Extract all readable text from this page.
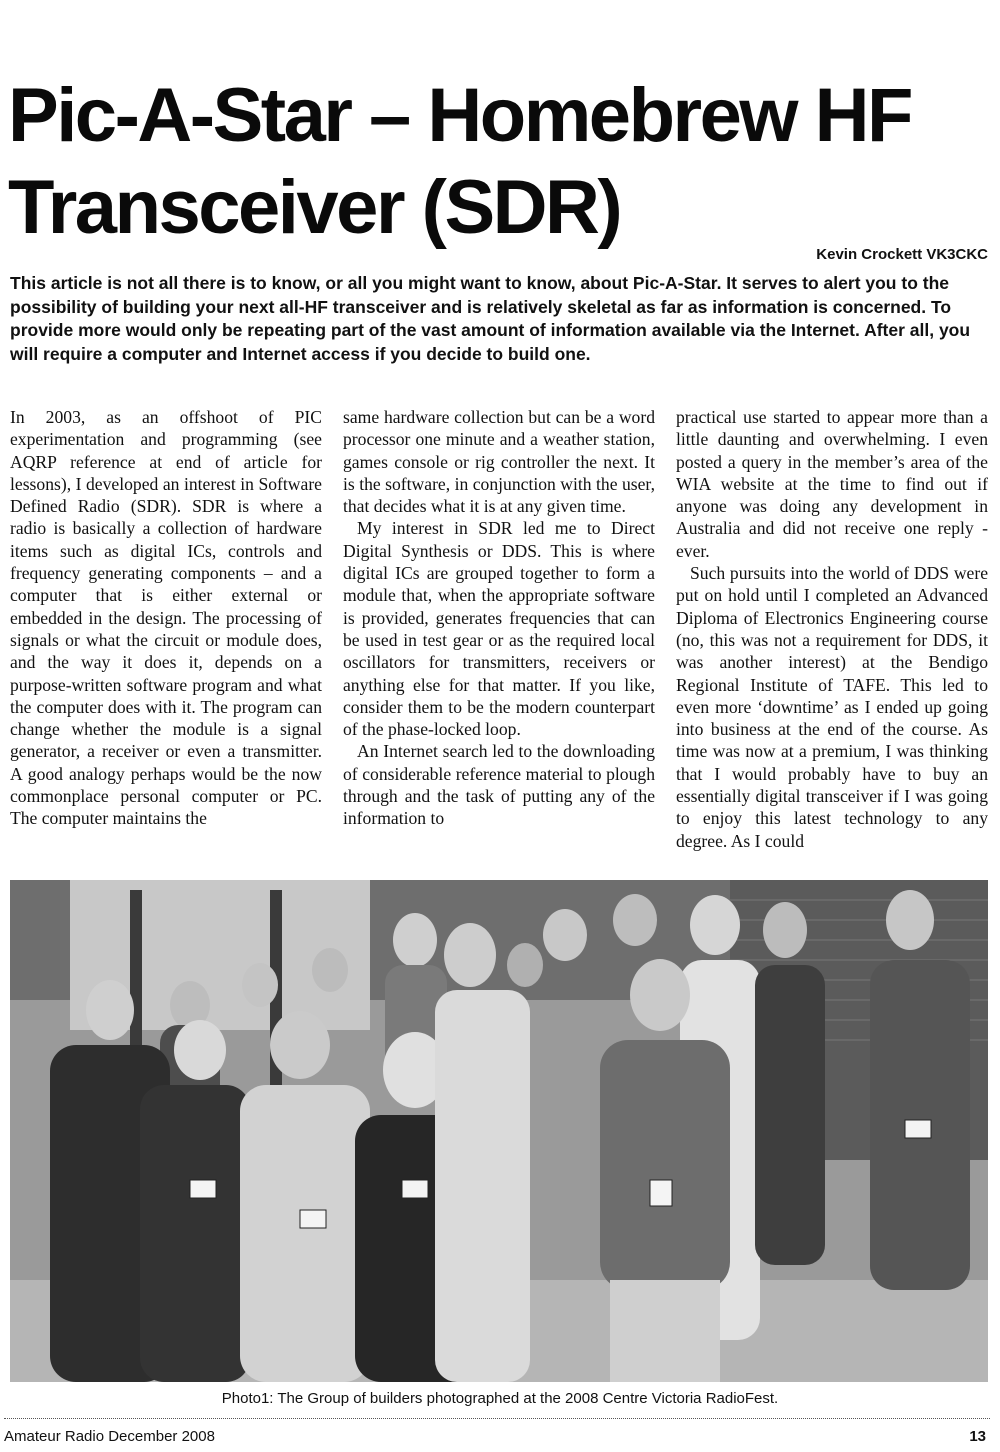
Pic-A-Star – Homebrew HF Transceiver (SDR)
Kevin Crockett VK3CKC

This article is not all there is to know, or all you might want to know, about Pic-A-Star. It serves to alert you to the possibility of building your next all-HF transceiver and is relatively skeletal as far as information is concerned. To provide more would only be repeating part of the vast amount of information available via the Internet. After all, you will require a computer and Internet access if you decide to build one.

In 2003, as an offshoot of PIC experimentation and programming (see AQRP reference at end of article for lessons), I developed an interest in Software Defined Radio (SDR). SDR is where a radio is basically a collection of hardware items such as digital ICs, controls and frequency generating components – and a computer that is either external or embedded in the design. The processing of signals or what the circuit or module does, and the way it does it, depends on a purpose-written software program and what the computer does with it. The program can change whether the module is a signal generator, a receiver or even a transmitter. A good analogy perhaps would be the now commonplace personal computer or PC. The computer maintains the

same hardware collection but can be a word processor one minute and a weather station, games console or rig controller the next. It is the software, in conjunction with the user, that decides what it is at any given time.

My interest in SDR led me to Direct Digital Synthesis or DDS. This is where digital ICs are grouped together to form a module that, when the appropriate software is provided, generates frequencies that can be used in test gear or as the required local oscillators for transmitters, receivers or anything else for that matter. If you like, consider them to be the modern counterpart of the phase-locked loop.

An Internet search led to the downloading of considerable reference material to plough through and the task of putting any of the information to

practical use started to appear more than a little daunting and overwhelming. I even posted a query in the member’s area of the WIA website at the time to find out if anyone was doing any development in Australia and did not receive one reply - ever.

Such pursuits into the world of DDS were put on hold until I completed an Advanced Diploma of Electronics Engineering course (no, this was not a requirement for DDS, it was another interest) at the Bendigo Regional Institute of TAFE. This led to even more ‘downtime’ as I ended up going into business at the end of the course. As time was now at a premium, I was thinking that I would probably have to buy an essentially digital transceiver if I was going to enjoy this latest technology to any degree. As I could

Photo1: The Group of builders photographed at the 2008 Centre Victoria RadioFest.
Amateur Radio December 2008	13
